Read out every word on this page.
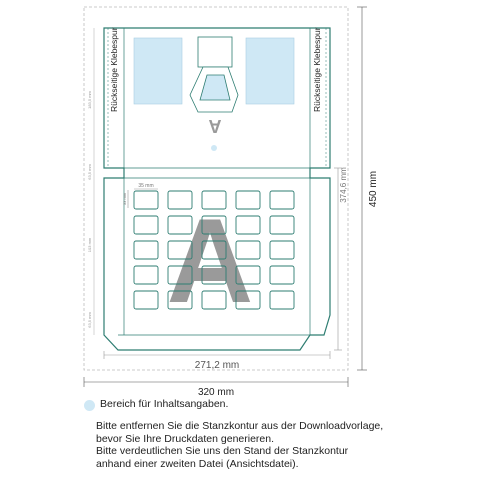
A
Rückseitige Klebespur	Rückseitige Klebespur
A
320 mm
271,2 mm
450 mm
374,6 mm
35 mm
33 mm
183,5 mm
63,5 mm
103 mm
63,5 mm
Bereich für Inhaltsangaben.
Bitte entfernen Sie die Stanzkontur aus der Downloadvorlage,
bevor Sie Ihre Druckdaten generieren.
Bitte verdeutlichen Sie uns den Stand der Stanzkontur
anhand einer zweiten Datei (Ansichtsdatei).
